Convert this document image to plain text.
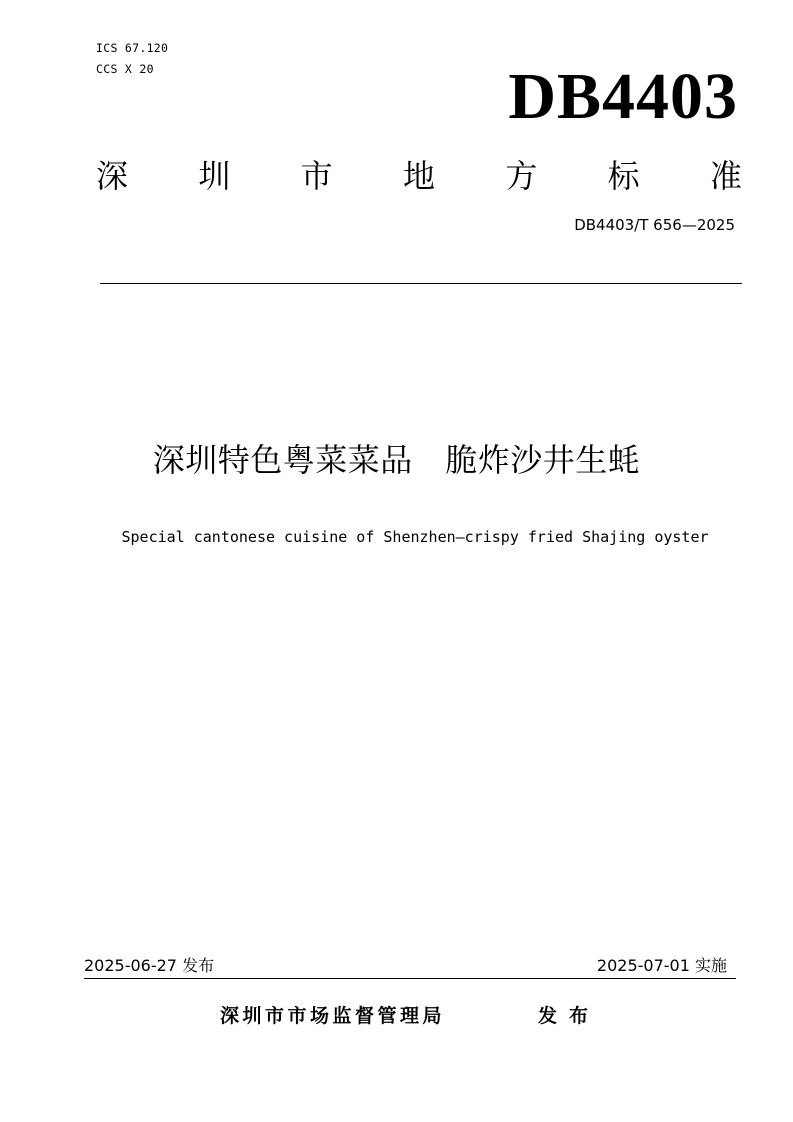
ICS 67.120
CCS X 20	DB4403
深 圳 市 地 方 标 准
DB4403/T 656—2025
深圳特色粤菜菜品　脆炸沙井生蚝
Special cantonese cuisine of Shenzhen—crispy fried Shajing oyster
2025-06-27 发布	2025-07-01 实施
深圳市市场监督管理局	发布
